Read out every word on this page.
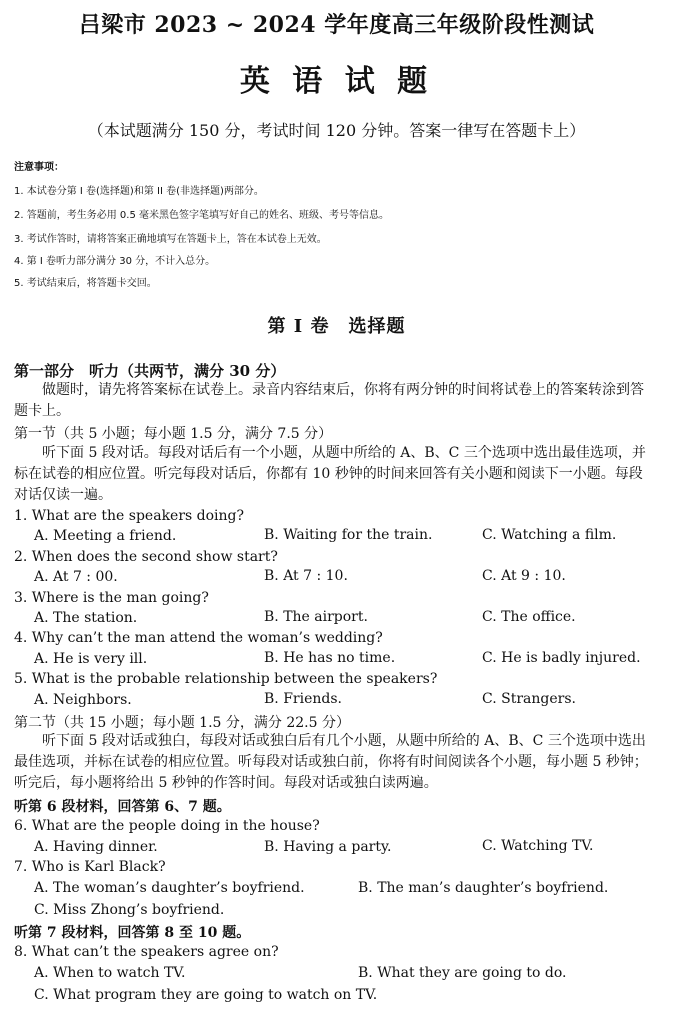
吕梁市 2023 ~ 2024 学年度高三年级阶段性测试
英 语 试 题
（本试题满分 150 分，考试时间 120 分钟。答案一律写在答题卡上）
注意事项：
1. 本试卷分第 I 卷(选择题)和第 II 卷(非选择题)两部分。
2. 答题前，考生务必用 0.5 毫米黑色签字笔填写好自己的姓名、班级、考号等信息。
3. 考试作答时，请将答案正确地填写在答题卡上，答在本试卷上无效。
4. 第 I 卷听力部分满分 30 分，不计入总分。
5. 考试结束后，将答题卡交回。
第 I 卷　选择题
第一部分　听力（共两节，满分 30 分）
　　做题时，请先将答案标在试卷上。录音内容结束后，你将有两分钟的时间将试卷上的答案转涂到答题卡上。
第一节（共 5 小题；每小题 1.5 分，满分 7.5 分）
　　听下面 5 段对话。每段对话后有一个小题，从题中所给的 A、B、C 三个选项中选出最佳选项，并标在试卷的相应位置。听完每段对话后，你都有 10 秒钟的时间来回答有关小题和阅读下一小题。每段对话仅读一遍。
1. What are the speakers doing?
A. Meeting a friend.	B. Waiting for the train.	C. Watching a film.
2. When does the second show start?
A. At 7 : 00.	B. At 7 : 10.	C. At 9 : 10.
3. Where is the man going?
A. The station.	B. The airport.	C. The office.
4. Why can’t the man attend the woman’s wedding?
A. He is very ill.	B. He has no time.	C. He is badly injured.
5. What is the probable relationship between the speakers?
A. Neighbors.	B. Friends.	C. Strangers.
第二节（共 15 小题；每小题 1.5 分，满分 22.5 分）
　　听下面 5 段对话或独白，每段对话或独白后有几个小题，从题中所给的 A、B、C 三个选项中选出最佳选项，并标在试卷的相应位置。听每段对话或独白前，你将有时间阅读各个小题，每小题 5 秒钟；听完后，每小题将给出 5 秒钟的作答时间。每段对话或独白读两遍。
听第 6 段材料，回答第 6、7 题。
6. What are the people doing in the house?
A. Having dinner.	B. Having a party.	C. Watching TV.
7. Who is Karl Black?
A. The woman’s daughter’s boyfriend.	B. The man’s daughter’s boyfriend.
C. Miss Zhong’s boyfriend.
听第 7 段材料，回答第 8 至 10 题。
8. What can’t the speakers agree on?
A. When to watch TV.	B. What they are going to do.
C. What program they are going to watch on TV.
